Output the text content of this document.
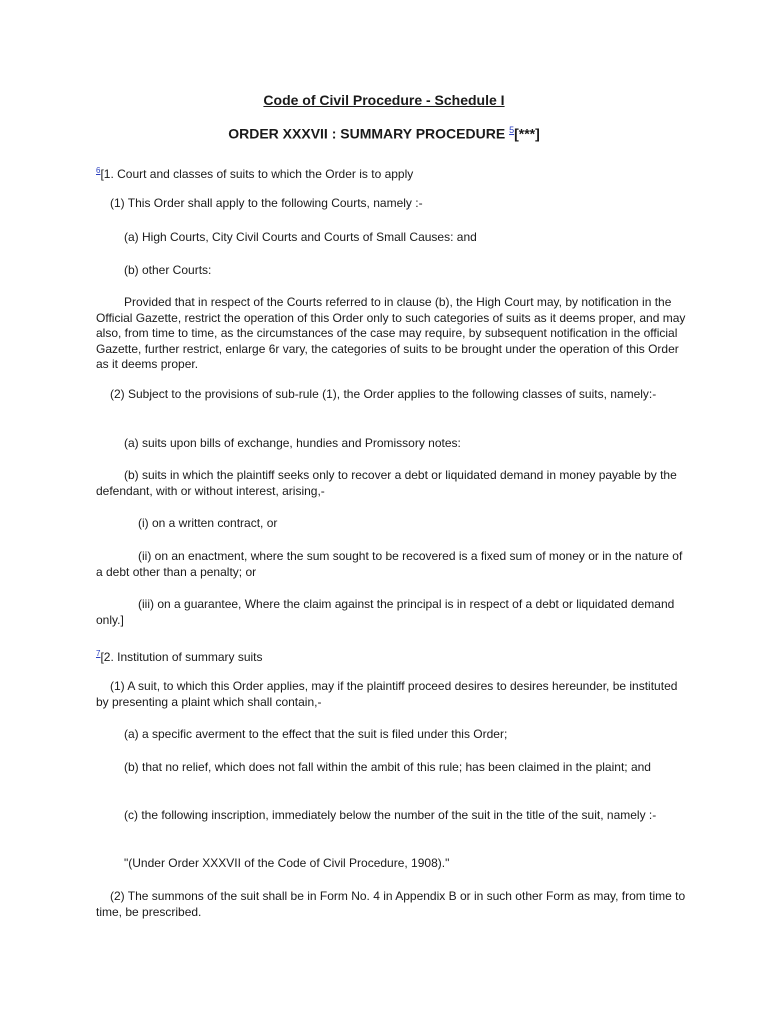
Code of Civil Procedure - Schedule I
ORDER XXXVII : SUMMARY PROCEDURE $^5$[***]
$^6$[1. Court and classes of suits to which the Order is to apply
(1) This Order shall apply to the following Courts, namely :-
(a) High Courts, City Civil Courts and Courts of Small Causes: and
(b) other Courts:
Provided that in respect of the Courts referred to in clause (b), the High Court may, by notification in the Official Gazette, restrict the operation of this Order only to such categories of suits as it deems proper, and may also, from time to time, as the circumstances of the case may require, by subsequent notification in the official Gazette, further restrict, enlarge 6r vary, the categories of suits to be brought under the operation of this Order as it deems proper.
(2) Subject to the provisions of sub-rule (1), the Order applies to the following classes of suits, namely:-
(a) suits upon bills of exchange, hundies and Promissory notes:
(b) suits in which the plaintiff seeks only to recover a debt or liquidated demand in money payable by the defendant, with or without interest, arising,-
(i) on a written contract, or
(ii) on an enactment, where the sum sought to be recovered is a fixed sum of money or in the nature of a debt other than a penalty; or
(iii) on a guarantee, Where the claim against the principal is in respect of a debt or liquidated demand only.]
$^7$[2. Institution of summary suits
(1) A suit, to which this Order applies, may if the plaintiff proceed desires to desires hereunder, be instituted by presenting a plaint which shall contain,-
(a) a specific averment to the effect that the suit is filed under this Order;
(b) that no relief, which does not fall within the ambit of this rule; has been claimed in the plaint; and
(c) the following inscription, immediately below the number of the suit in the title of the suit, namely :-
"(Under Order XXXVII of the Code of Civil Procedure, 1908)."
(2) The summons of the suit shall be in Form No. 4 in Appendix B or in such other Form as may, from time to time, be prescribed.
